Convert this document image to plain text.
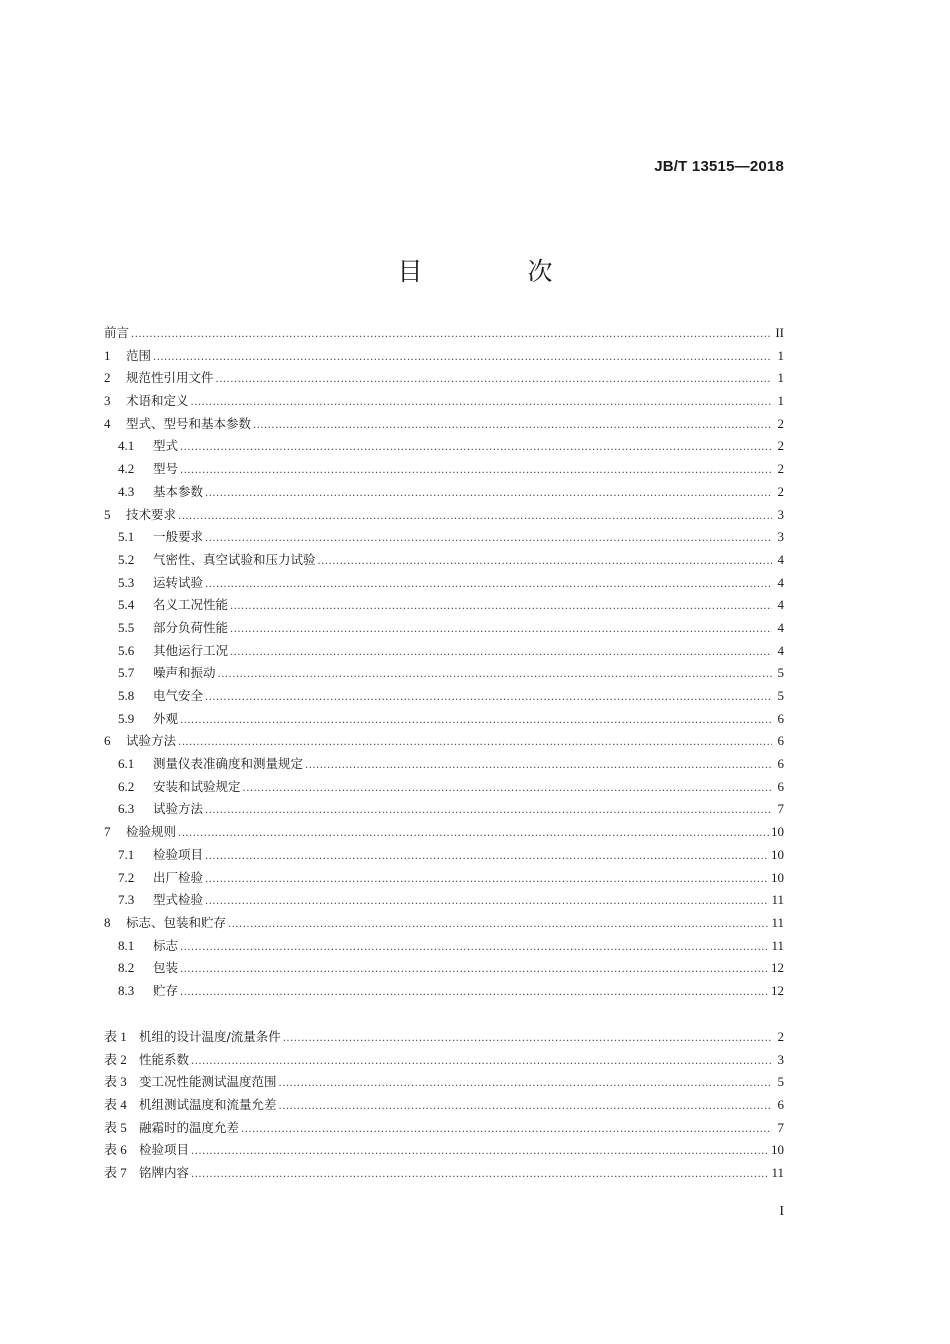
JB/T 13515—2018
目　次
前言 .....	II
1	范围 .....	1
2	规范性引用文件 .....	1
3	术语和定义 .....	1
4	型式、型号和基本参数 .....	2
4.1	型式 .....	2
4.2	型号 .....	2
4.3	基本参数 .....	2
5	技术要求 .....	3
5.1	一般要求 .....	3
5.2	气密性、真空试验和压力试验 .....	4
5.3	运转试验 .....	4
5.4	名义工况性能 .....	4
5.5	部分负荷性能 .....	4
5.6	其他运行工况 .....	4
5.7	噪声和振动 .....	5
5.8	电气安全 .....	5
5.9	外观 .....	6
6	试验方法 .....	6
6.1	测量仪表准确度和测量规定 .....	6
6.2	安装和试验规定 .....	6
6.3	试验方法 .....	7
7	检验规则 .....	10
7.1	检验项目 .....	10
7.2	出厂检验 .....	10
7.3	型式检验 .....	11
8	标志、包装和贮存 .....	11
8.1	标志 .....	11
8.2	包装 .....	12
8.3	贮存 .....	12
表 1 机组的设计温度/流量条件 .....	2
表 2 性能系数 .....	3
表 3 变工况性能测试温度范围 .....	5
表 4 机组测试温度和流量允差 .....	6
表 5 融霜时的温度允差 .....	7
表 6 检验项目 .....	10
表 7 铭牌内容 .....	11
I
